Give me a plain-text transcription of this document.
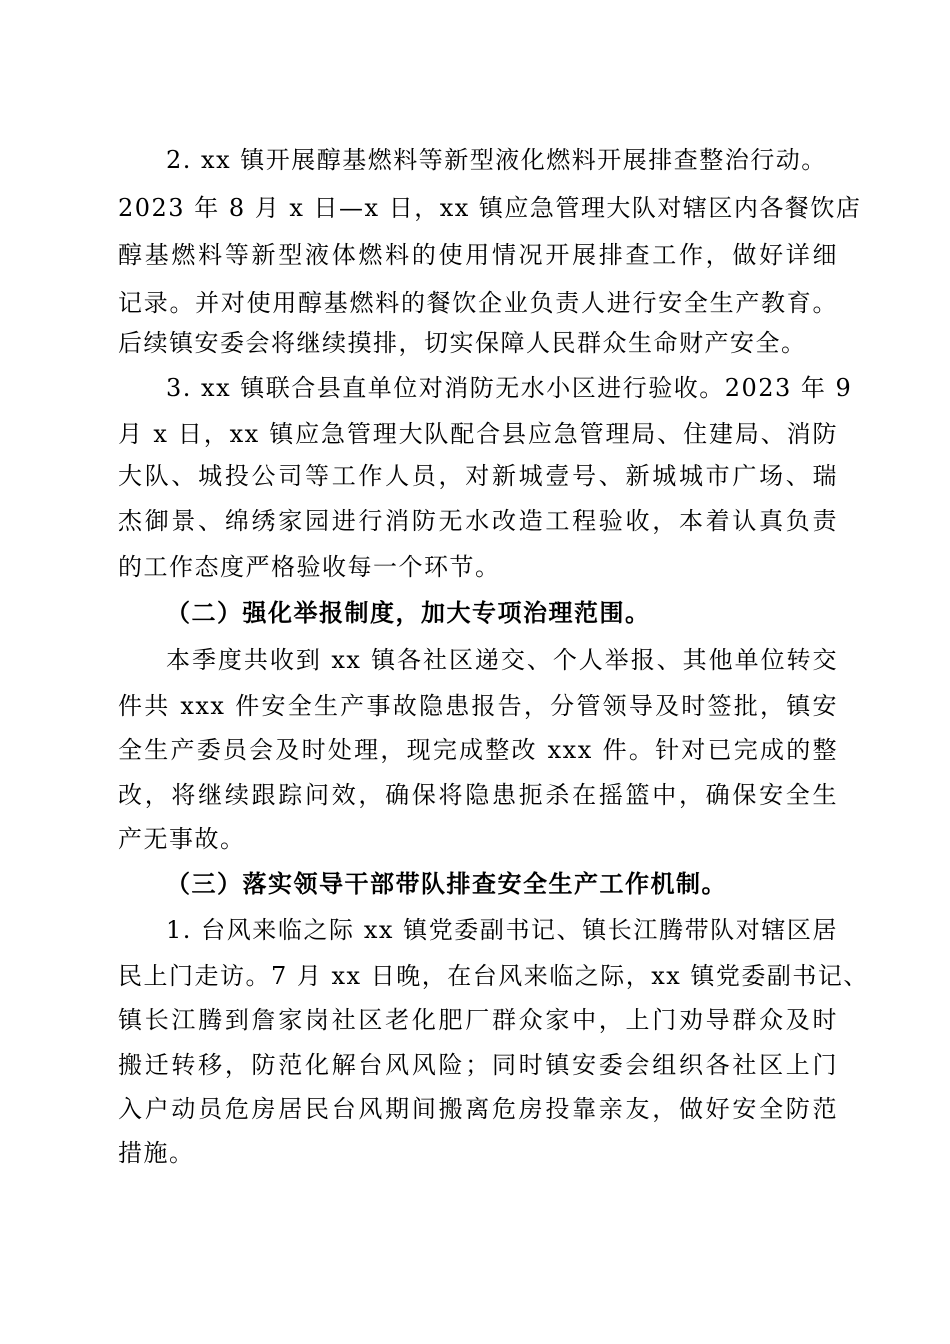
2. xx 镇开展醇基燃料等新型液化燃料开展排查整治行动。

2023 年 8 月 x 日—x 日，xx 镇应急管理大队对辖区内各餐饮店

醇基燃料等新型液体燃料的使用情况开展排查工作，做好详细

记录。并对使用醇基燃料的餐饮企业负责人进行安全生产教育。

后续镇安委会将继续摸排，切实保障人民群众生命财产安全。

3. xx 镇联合县直单位对消防无水小区进行验收。2023 年 9

月 x 日，xx 镇应急管理大队配合县应急管理局、住建局、消防

大队、城投公司等工作人员，对新城壹号、新城城市广场、瑞

杰御景、绵绣家园进行消防无水改造工程验收，本着认真负责

的工作态度严格验收每一个环节。

（二）强化举报制度，加大专项治理范围。

本季度共收到 xx 镇各社区递交、个人举报、其他单位转交

件共 xxx 件安全生产事故隐患报告，分管领导及时签批，镇安

全生产委员会及时处理，现完成整改 xxx 件。针对已完成的整

改，将继续跟踪问效，确保将隐患扼杀在摇篮中，确保安全生

产无事故。

（三）落实领导干部带队排查安全生产工作机制。

1. 台风来临之际 xx 镇党委副书记、镇长江腾带队对辖区居

民上门走访。7 月 xx 日晚，在台风来临之际，xx 镇党委副书记、

镇长江腾到詹家岗社区老化肥厂群众家中，上门劝导群众及时

搬迁转移，防范化解台风风险；同时镇安委会组织各社区上门

入户动员危房居民台风期间搬离危房投靠亲友，做好安全防范

措施。
